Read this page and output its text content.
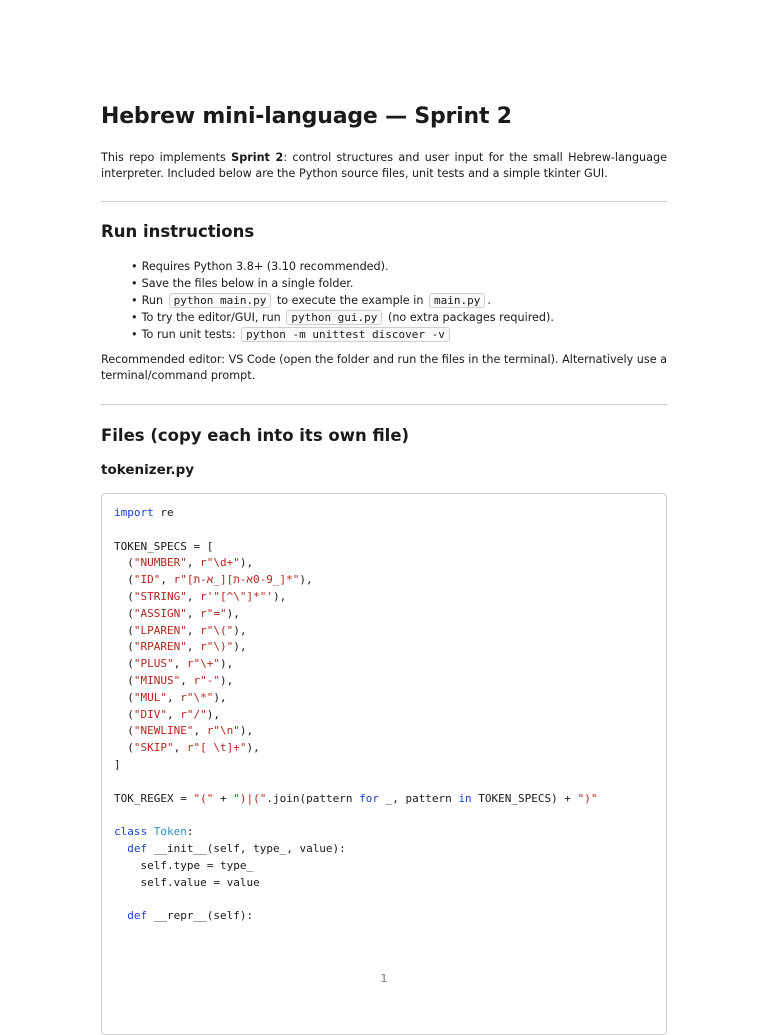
Hebrew mini-language — Sprint 2

This repo implements Sprint 2: control structures and user input for the small Hebrew-language interpreter. Included below are the Python source files, unit tests and a simple tkinter GUI.

Run instructions
• Requires Python 3.8+ (3.10 recommended).
• Save the files below in a single folder.
• Run python main.py to execute the example in main.py .
• To try the editor/GUI, run python gui.py (no extra packages required).
• To run unit tests: python -m unittest discover -v

Recommended editor: VS Code (open the folder and run the files in the terminal). Alternatively use a terminal/command prompt.

Files (copy each into its own file)
tokenizer.py
import re

TOKEN_SPECS = [
("NUMBER", r"\d+"),
("ID", r"[א-ת_][0-9א-ת_]*"),
("STRING", r'"[^\"]*"'),
("ASSIGN", r"="),
("LPAREN", r"\("),
("RPAREN", r"\)"),
("PLUS", r"\+"),
("MINUS", r"-"),
("MUL", r"\*"),
("DIV", r"/"),
("NEWLINE", r"\n"),
("SKIP", r"[ \t]+"),
]

TOK_REGEX = "(" + ")|(".join(pattern for _, pattern in TOKEN_SPECS) + ")"

class Token:
def __init__(self, type_, value):
self.type = type_
self.value = value

def __repr__(self):

1
